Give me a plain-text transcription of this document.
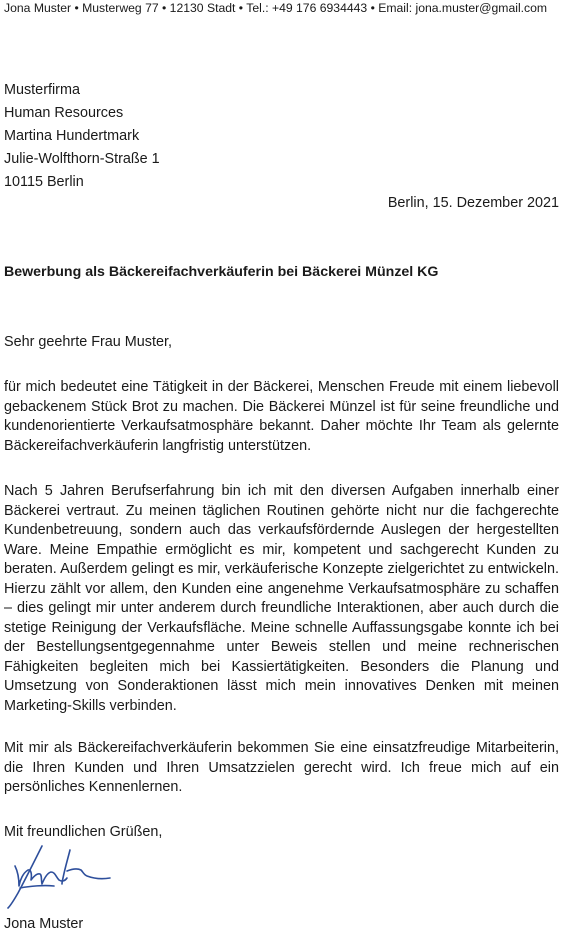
Jona Muster • Musterweg 77 • 12130 Stadt • Tel.: +49 176 6934443 • Email: jona.muster@gmail.com
Musterfirma
Human Resources
Martina Hundertmark
Julie-Wolfthorn-Straße 1
10115 Berlin
Berlin, 15. Dezember 2021
Bewerbung als Bäckereifachverkäuferin bei Bäckerei Münzel KG
Sehr geehrte Frau Muster,
für mich bedeutet eine Tätigkeit in der Bäckerei, Menschen Freude mit einem liebevoll gebackenem Stück Brot zu machen. Die Bäckerei Münzel ist für seine freundliche und kundenorientierte Verkaufsatmosphäre bekannt. Daher möchte Ihr Team als gelernte Bäckereifachverkäuferin langfristig unterstützen.
Nach 5 Jahren Berufserfahrung bin ich mit den diversen Aufgaben innerhalb einer Bäckerei vertraut. Zu meinen täglichen Routinen gehörte nicht nur die fachgerechte Kundenbetreuung, sondern auch das verkaufsfördernde Auslegen der hergestellten Ware. Meine Empathie ermöglicht es mir, kompetent und sachgerecht Kunden zu beraten. Außerdem gelingt es mir, verkäuferische Konzepte zielgerichtet zu entwickeln. Hierzu zählt vor allem, den Kunden eine angenehme Verkaufsatmosphäre zu schaffen – dies gelingt mir unter anderem durch freundliche Interaktionen, aber auch durch die stetige Reinigung der Verkaufsfläche. Meine schnelle Auffassungsgabe konnte ich bei der Bestellungsentgegennahme unter Beweis stellen und meine rechnerischen Fähigkeiten begleiten mich bei Kassiertätigkeiten. Besonders die Planung und Umsetzung von Sonderaktionen lässt mich mein innovatives Denken mit meinen Marketing-Skills verbinden.
Mit mir als Bäckereifachverkäuferin bekommen Sie eine einsatzfreudige Mitarbeiterin, die Ihren Kunden und Ihren Umsatzzielen gerecht wird. Ich freue mich auf ein persönliches Kennenlernen.
Mit freundlichen Grüßen,
Jona Muster
